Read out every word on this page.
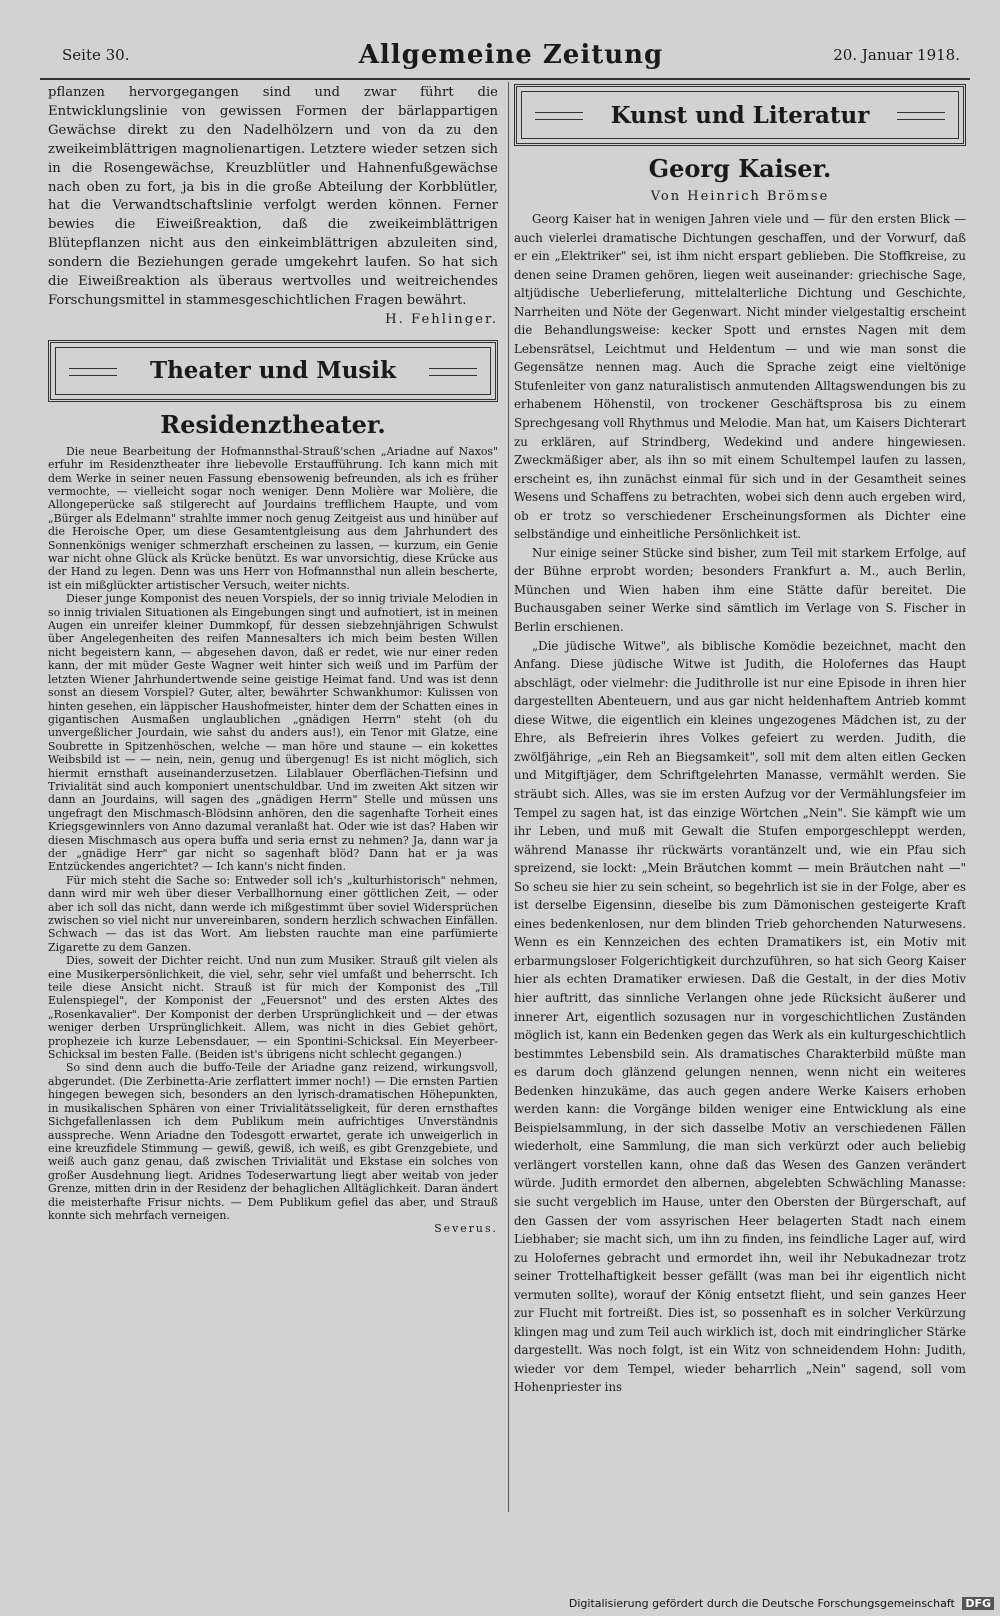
Seite 30.	Allgemeine Zeitung	20. Januar 1918.

pflanzen hervorgegangen sind und zwar führt die Entwicklungslinie von gewissen Formen der bärlappartigen Gewächse direkt zu den Nadelhölzern und von da zu den zweikeimblättrigen magnolienartigen. Letztere wieder setzen sich in die Rosengewächse, Kreuzblütler und Hahnenfußgewächse nach oben zu fort, ja bis in die große Abteilung der Korbblütler, hat die Verwandtschaftslinie verfolgt werden können. Ferner bewies die Eiweißreaktion, daß die zweikeimblättrigen Blütepflanzen nicht aus den einkeimblättrigen abzuleiten sind, sondern die Beziehungen gerade umgekehrt laufen. So hat sich die Eiweißreaktion als überaus wertvolles und weitreichendes Forschungsmittel in stammesgeschichtlichen Fragen bewährt.

H. Fehlinger.

Theater und Musik
Residenztheater.

Die neue Bearbeitung der Hofmannsthal-Strauß'schen „Ariadne auf Naxos" erfuhr im Residenztheater ihre liebevolle Erstaufführung. Ich kann mich mit dem Werke in seiner neuen Fassung ebensowenig befreunden, als ich es früher vermochte, — vielleicht sogar noch weniger. Denn Molière war Molière, die Allongeperücke saß stilgerecht auf Jourdains trefflichem Haupte, und vom „Bürger als Edelmann" strahlte immer noch genug Zeitgeist aus und hinüber auf die Heroische Oper, um diese Gesamtentgleisung aus dem Jahrhundert des Sonnenkönigs weniger schmerzhaft erscheinen zu lassen, — kurzum, ein Genie war nicht ohne Glück als Krücke benützt. Es war unvorsichtig, diese Krücke aus der Hand zu legen. Denn was uns Herr von Hofmannsthal nun allein bescherte, ist ein mißglückter artistischer Versuch, weiter nichts.

Dieser junge Komponist des neuen Vorspiels, der so innig triviale Melodien in so innig trivialen Situationen als Eingebungen singt und aufnotiert, ist in meinen Augen ein unreifer kleiner Dummkopf, für dessen siebzehnjährigen Schwulst über Angelegenheiten des reifen Mannesalters ich mich beim besten Willen nicht begeistern kann, — abgesehen davon, daß er redet, wie nur einer reden kann, der mit müder Geste Wagner weit hinter sich weiß und im Parfüm der letzten Wiener Jahrhundertwende seine geistige Heimat fand. Und was ist denn sonst an diesem Vorspiel? Guter, alter, bewährter Schwankhumor: Kulissen von hinten gesehen, ein läppischer Haushofmeister, hinter dem der Schatten eines in gigantischen Ausmaßen unglaublichen „gnädigen Herrn" steht (oh du unvergeßlicher Jourdain, wie sahst du anders aus!), ein Tenor mit Glatze, eine Soubrette in Spitzenhöschen, welche — man höre und staune — ein kokettes Weibsbild ist — — nein, nein, genug und übergenug! Es ist nicht möglich, sich hiermit ernsthaft auseinanderzusetzen. Lilablauer Oberflächen-Tiefsinn und Trivialität sind auch komponiert unentschuldbar. Und im zweiten Akt sitzen wir dann an Jourdains, will sagen des „gnädigen Herrn" Stelle und müssen uns ungefragt den Mischmasch-Blödsinn anhören, den die sagenhafte Torheit eines Kriegsgewinnlers von Anno dazumal veranlaßt hat. Oder wie ist das? Haben wir diesen Mischmasch aus opera buffa und seria ernst zu nehmen? Ja, dann war ja der „gnädige Herr" gar nicht so sagenhaft blöd? Dann hat er ja was Entzückendes angerichtet? — Ich kann's nicht finden.

Für mich steht die Sache so: Entweder soll ich's „kulturhistorisch" nehmen, dann wird mir weh über dieser Verballhornung einer göttlichen Zeit, — oder aber ich soll das nicht, dann werde ich mißgestimmt über soviel Widersprüchen zwischen so viel nicht nur unvereinbaren, sondern herzlich schwachen Einfällen. Schwach — das ist das Wort. Am liebsten rauchte man eine parfümierte Zigarette zu dem Ganzen.

Dies, soweit der Dichter reicht. Und nun zum Musiker. Strauß gilt vielen als eine Musikerpersönlichkeit, die viel, sehr, sehr viel umfaßt und beherrscht. Ich teile diese Ansicht nicht. Strauß ist für mich der Komponist des „Till Eulenspiegel", der Komponist der „Feuersnot" und des ersten Aktes des „Rosenkavalier". Der Komponist der derben Ursprünglichkeit und — der etwas weniger derben Ursprünglichkeit. Allem, was nicht in dies Gebiet gehört, prophezeie ich kurze Lebensdauer, — ein Spontini-Schicksal. Ein Meyerbeer-Schicksal im besten Falle. (Beiden ist's übrigens nicht schlecht gegangen.)

So sind denn auch die buffo-Teile der Ariadne ganz reizend, wirkungsvoll, abgerundet. (Die Zerbinetta-Arie zerflattert immer noch!) — Die ernsten Partien hingegen bewegen sich, besonders an den lyrisch-dramatischen Höhepunkten, in musikalischen Sphären von einer Trivialitätsseligkeit, für deren ernsthaftes Sichgefallenlassen ich dem Publikum mein aufrichtiges Unverständnis ausspreche. Wenn Ariadne den Todesgott erwartet, gerate ich unweigerlich in eine kreuzfidele Stimmung — gewiß, gewiß, ich weiß, es gibt Grenzgebiete, und weiß auch ganz genau, daß zwischen Trivialität und Ekstase ein solches von großer Ausdehnung liegt. Aridnes Todeserwartung liegt aber weitab von jeder Grenze, mitten drin in der Residenz der behaglichen Alltäglichkeit. Daran ändert die meisterhafte Frisur nichts. — Dem Publikum gefiel das aber, und Strauß konnte sich mehrfach verneigen.

Severus.

Kunst und Literatur
Georg Kaiser.
Von Heinrich Brömse

Georg Kaiser hat in wenigen Jahren viele und — für den ersten Blick — auch vielerlei dramatische Dichtungen geschaffen, und der Vorwurf, daß er ein „Elektriker" sei, ist ihm nicht erspart geblieben. Die Stoffkreise, zu denen seine Dramen gehören, liegen weit auseinander: griechische Sage, altjüdische Ueberlieferung, mittelalterliche Dichtung und Geschichte, Narrheiten und Nöte der Gegenwart. Nicht minder vielgestaltig erscheint die Behandlungsweise: kecker Spott und ernstes Nagen mit dem Lebensrätsel, Leichtmut und Heldentum — und wie man sonst die Gegensätze nennen mag. Auch die Sprache zeigt eine vieltönige Stufenleiter von ganz naturalistisch anmutenden Alltagswendungen bis zu erhabenem Höhenstil, von trockener Geschäftsprosa bis zu einem Sprechgesang voll Rhythmus und Melodie. Man hat, um Kaisers Dichterart zu erklären, auf Strindberg, Wedekind und andere hingewiesen. Zweckmäßiger aber, als ihn so mit einem Schultempel laufen zu lassen, erscheint es, ihn zunächst einmal für sich und in der Gesamtheit seines Wesens und Schaffens zu betrachten, wobei sich denn auch ergeben wird, ob er trotz so verschiedener Erscheinungsformen als Dichter eine selbständige und einheitliche Persönlichkeit ist.

Nur einige seiner Stücke sind bisher, zum Teil mit starkem Erfolge, auf der Bühne erprobt worden; besonders Frankfurt a. M., auch Berlin, München und Wien haben ihm eine Stätte dafür bereitet. Die Buchausgaben seiner Werke sind sämtlich im Verlage von S. Fischer in Berlin erschienen.

„Die jüdische Witwe", als biblische Komödie bezeichnet, macht den Anfang. Diese jüdische Witwe ist Judith, die Holofernes das Haupt abschlägt, oder vielmehr: die Judithrolle ist nur eine Episode in ihren hier dargestellten Abenteuern, und aus gar nicht heldenhaftem Antrieb kommt diese Witwe, die eigentlich ein kleines ungezogenes Mädchen ist, zu der Ehre, als Befreierin ihres Volkes gefeiert zu werden. Judith, die zwölfjährige, „ein Reh an Biegsamkeit", soll mit dem alten eitlen Gecken und Mitgiftjäger, dem Schriftgelehrten Manasse, vermählt werden. Sie sträubt sich. Alles, was sie im ersten Aufzug vor der Vermählungsfeier im Tempel zu sagen hat, ist das einzige Wörtchen „Nein". Sie kämpft wie um ihr Leben, und muß mit Gewalt die Stufen emporgeschleppt werden, während Manasse ihr rückwärts vorantänzelt und, wie ein Pfau sich spreizend, sie lockt: „Mein Bräutchen kommt — mein Bräutchen naht —" So scheu sie hier zu sein scheint, so begehrlich ist sie in der Folge, aber es ist derselbe Eigensinn, dieselbe bis zum Dämonischen gesteigerte Kraft eines bedenkenlosen, nur dem blinden Trieb gehorchenden Naturwesens. Wenn es ein Kennzeichen des echten Dramatikers ist, ein Motiv mit erbarmungsloser Folgerichtigkeit durchzuführen, so hat sich Georg Kaiser hier als echten Dramatiker erwiesen. Daß die Gestalt, in der dies Motiv hier auftritt, das sinnliche Verlangen ohne jede Rücksicht äußerer und innerer Art, eigentlich sozusagen nur in vorgeschichtlichen Zuständen möglich ist, kann ein Bedenken gegen das Werk als ein kulturgeschichtlich bestimmtes Lebensbild sein. Als dramatisches Charakterbild müßte man es darum doch glänzend gelungen nennen, wenn nicht ein weiteres Bedenken hinzukäme, das auch gegen andere Werke Kaisers erhoben werden kann: die Vorgänge bilden weniger eine Entwicklung als eine Beispielsammlung, in der sich dasselbe Motiv an verschiedenen Fällen wiederholt, eine Sammlung, die man sich verkürzt oder auch beliebig verlängert vorstellen kann, ohne daß das Wesen des Ganzen verändert würde. Judith ermordet den albernen, abgelebten Schwächling Manasse: sie sucht vergeblich im Hause, unter den Obersten der Bürgerschaft, auf den Gassen der vom assyrischen Heer belagerten Stadt nach einem Liebhaber; sie macht sich, um ihn zu finden, ins feindliche Lager auf, wird zu Holofernes gebracht und ermordet ihn, weil ihr Nebukadnezar trotz seiner Trottelhaftigkeit besser gefällt (was man bei ihr eigentlich nicht vermuten sollte), worauf der König entsetzt flieht, und sein ganzes Heer zur Flucht mit fortreißt. Dies ist, so possenhaft es in solcher Verkürzung klingen mag und zum Teil auch wirklich ist, doch mit eindringlicher Stärke dargestellt. Was noch folgt, ist ein Witz von schneidendem Hohn: Judith, wieder vor dem Tempel, wieder beharrlich „Nein" sagend, soll vom Hohenpriester ins

Digitalisierung gefördert durch die Deutsche Forschungsgemeinschaft DFG
